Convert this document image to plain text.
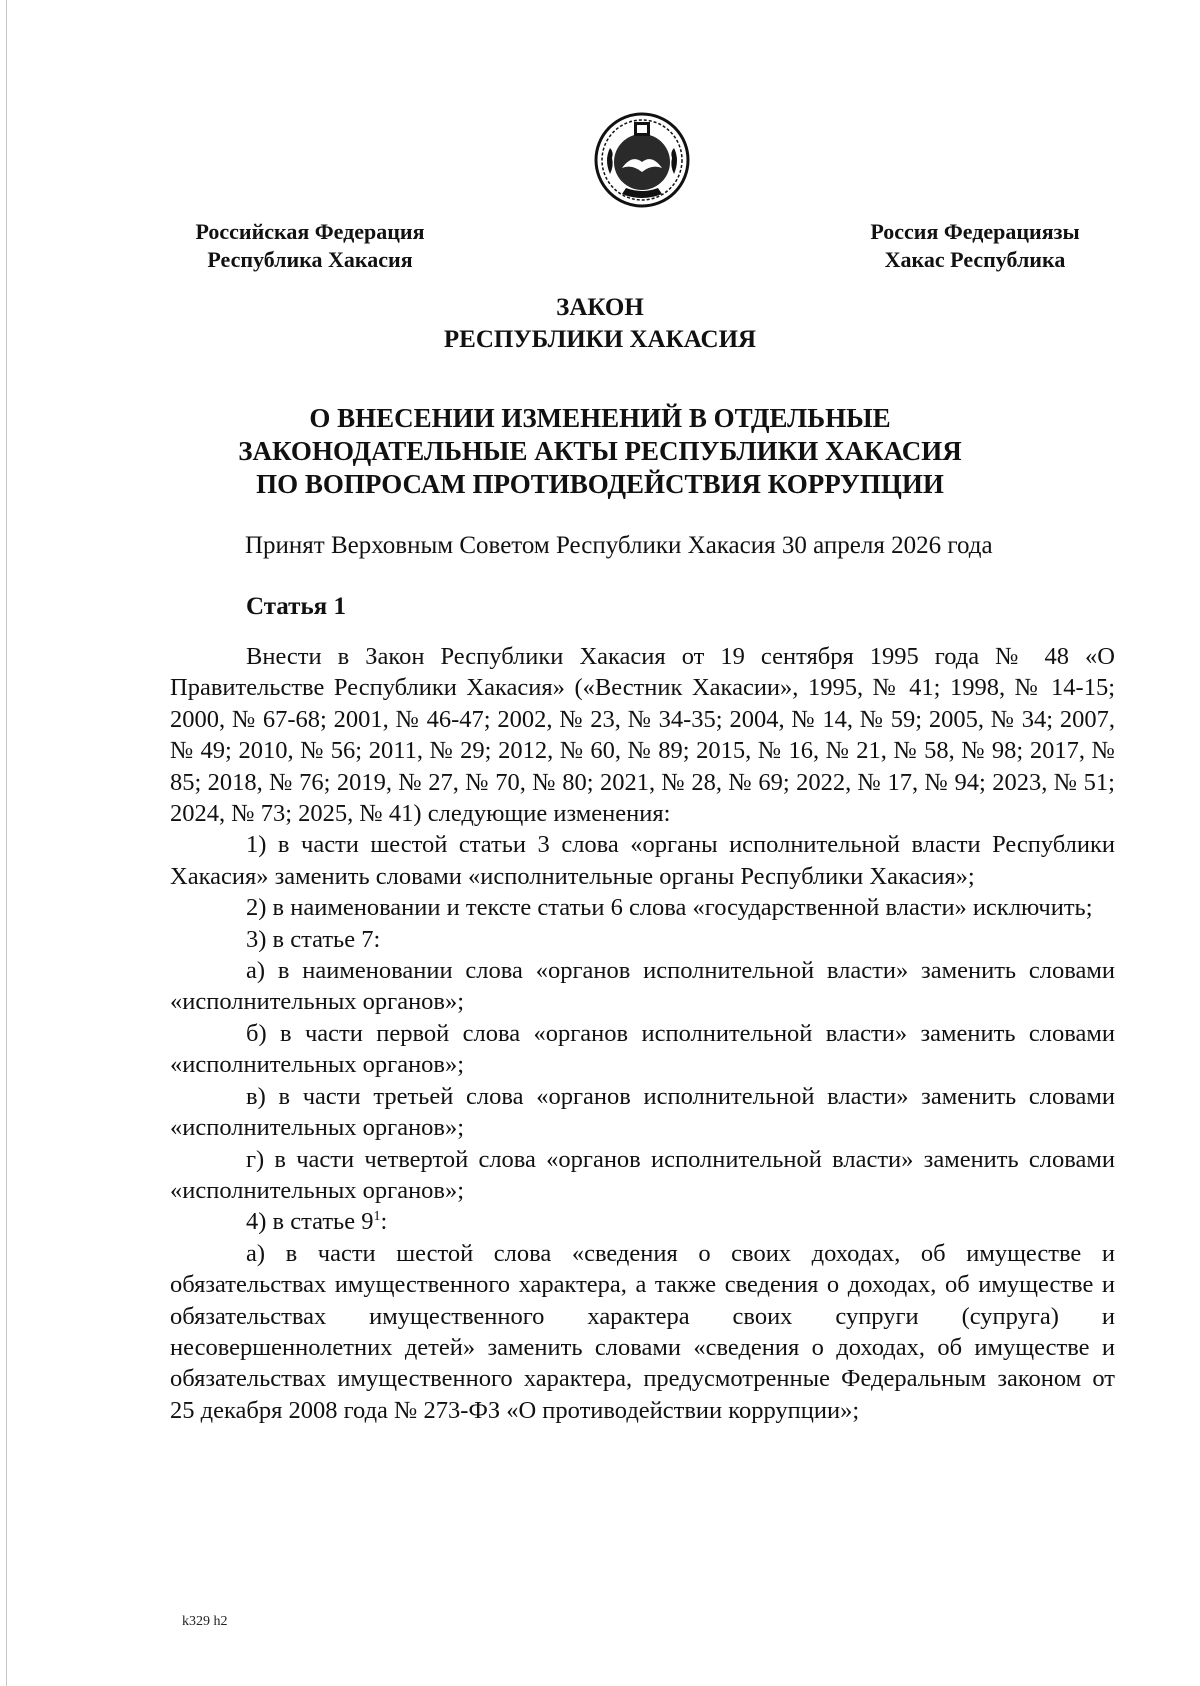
Российская Федерация
Республика Хакасия
Россия Федерациязы
Хакас Республика
ЗАКОН
РЕСПУБЛИКИ ХАКАСИЯ
О ВНЕСЕНИИ ИЗМЕНЕНИЙ В ОТДЕЛЬНЫЕ
ЗАКОНОДАТЕЛЬНЫЕ АКТЫ РЕСПУБЛИКИ ХАКАСИЯ
ПО ВОПРОСАМ ПРОТИВОДЕЙСТВИЯ КОРРУПЦИИ
Принят Верховным Советом Республики Хакасия 30 апреля 2026 года
Статья 1

Внести в Закон Республики Хакасия от 19 сентября 1995 года № 48 «О Правительстве Республики Хакасия» («Вестник Хакасии», 1995, № 41; 1998, № 14-15; 2000, № 67-68; 2001, № 46-47; 2002, № 23, № 34-35; 2004, № 14, № 59; 2005, № 34; 2007, № 49; 2010, № 56; 2011, № 29; 2012, № 60, № 89; 2015, № 16, № 21, № 58, № 98; 2017, № 85; 2018, № 76; 2019, № 27, № 70, № 80; 2021, № 28, № 69; 2022, № 17, № 94; 2023, № 51; 2024, № 73; 2025, № 41) следующие изменения:

1) в части шестой статьи 3 слова «органы исполнительной власти Республики Хакасия» заменить словами «исполнительные органы Республики Хакасия»;

2) в наименовании и тексте статьи 6 слова «государственной власти» исключить;

3) в статье 7:

а) в наименовании слова «органов исполнительной власти» заменить словами «исполнительных органов»;

б) в части первой слова «органов исполнительной власти» заменить словами «исполнительных органов»;

в) в части третьей слова «органов исполнительной власти» заменить словами «исполнительных органов»;

г) в части четвертой слова «органов исполнительной власти» заменить словами «исполнительных органов»;

4) в статье $9^1$:

а) в части шестой слова «сведения о своих доходах, об имуществе и обязательствах имущественного характера, а также сведения о доходах, об имуществе и обязательствах имущественного характера своих супруги (супруга) и несовершеннолетних детей» заменить словами «сведения о доходах, об имуществе и обязательствах имущественного характера, предусмотренные Федеральным законом от 25 декабря 2008 года № 273-ФЗ «О противодействии коррупции»;

k329 h2
